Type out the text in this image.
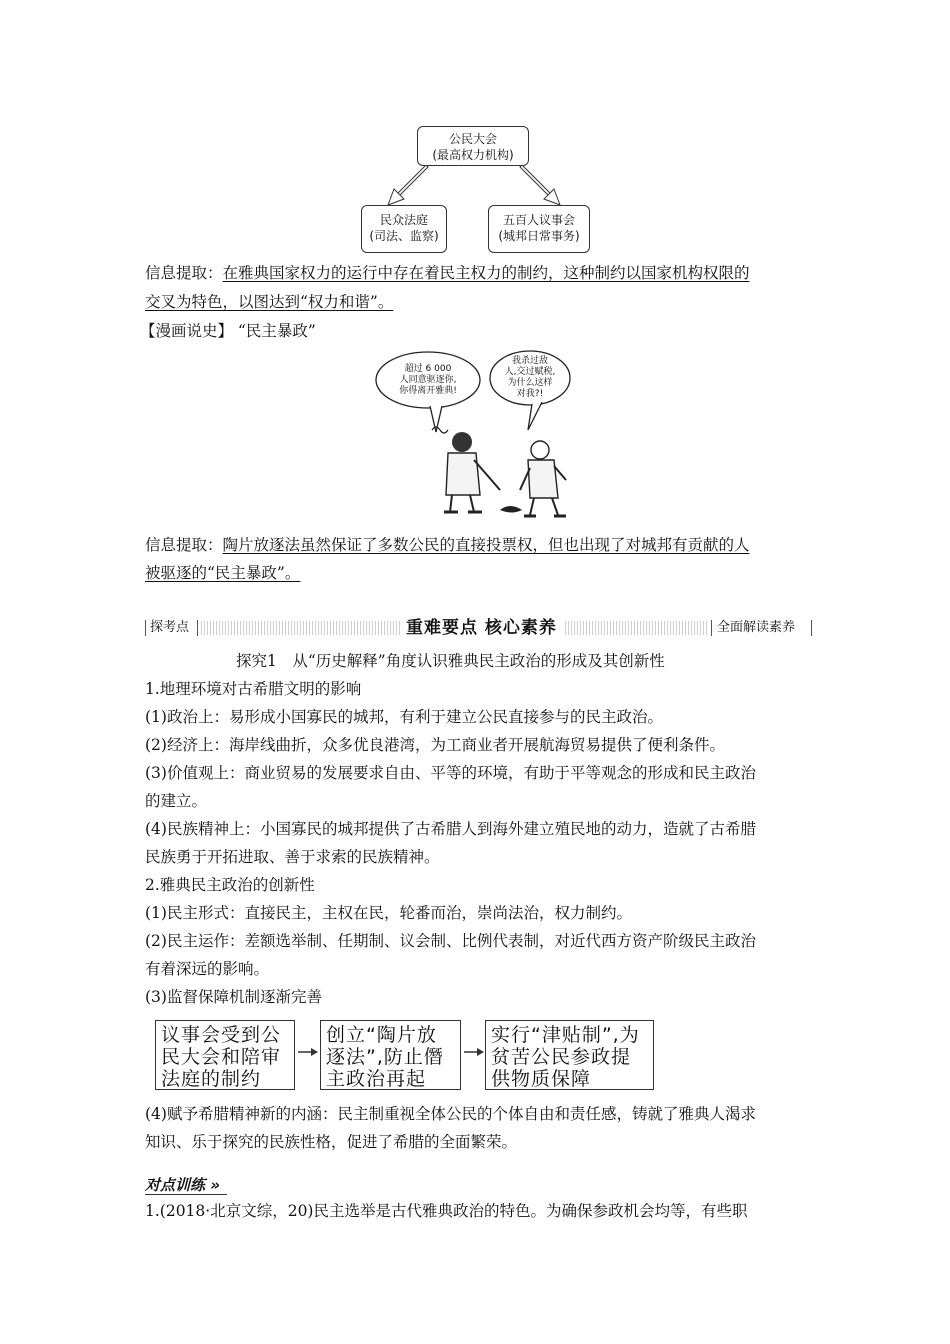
公民大会
(最高权力机构)
民众法庭
(司法、监察)
五百人议事会
(城邦日常事务)
信息提取：在雅典国家权力的运行中存在着民主权力的制约，这种制约以国家机构权限的
交叉为特色，以图达到“权力和谐”。
【漫画说史】 “民主暴政”
超过 6 000
人同意驱逐你,
你得离开雅典!
我杀过敌
人,交过赋税,
为什么这样
对我?!
信息提取：陶片放逐法虽然保证了多数公民的直接投票权，但也出现了对城邦有贡献的人
被驱逐的“民主暴政”。
探考点	重难要点 核心素养	全面解读素养
探究1　从“历史解释”角度认识雅典民主政治的形成及其创新性
1.地理环境对古希腊文明的影响
(1)政治上：易形成小国寡民的城邦，有利于建立公民直接参与的民主政治。
(2)经济上：海岸线曲折，众多优良港湾，为工商业者开展航海贸易提供了便利条件。
(3)价值观上：商业贸易的发展要求自由、平等的环境，有助于平等观念的形成和民主政治
的建立。
(4)民族精神上：小国寡民的城邦提供了古希腊人到海外建立殖民地的动力，造就了古希腊
民族勇于开拓进取、善于求索的民族精神。
2.雅典民主政治的创新性
(1)民主形式：直接民主，主权在民，轮番而治，崇尚法治，权力制约。
(2)民主运作：差额选举制、任期制、议会制、比例代表制，对近代西方资产阶级民主政治
有着深远的影响。
(3)监督保障机制逐渐完善
议事会受到公
民大会和陪审
法庭的制约
创立“陶片放
逐法”,防止僭
主政治再起
实行“津贴制”,为
贫苦公民参政提
供物质保障
(4)赋予希腊精神新的内涵：民主制重视全体公民的个体自由和责任感，铸就了雅典人渴求
知识、乐于探究的民族性格，促进了希腊的全面繁荣。
对点训练 »
1.(2018·北京文综，20)民主选举是古代雅典政治的特色。为确保参政机会均等，有些职
